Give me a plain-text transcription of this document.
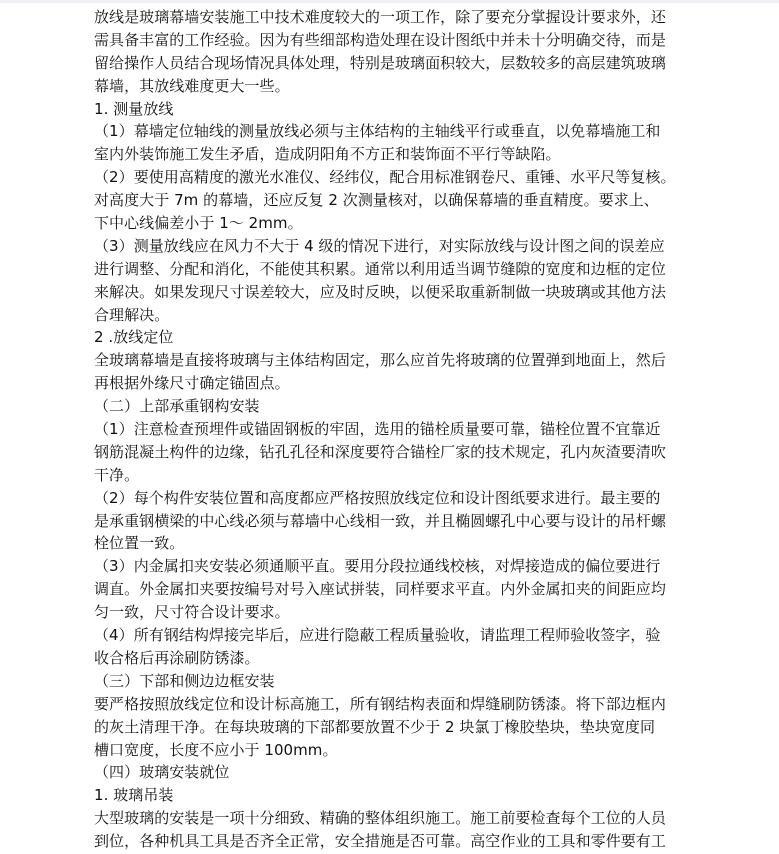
放线是玻璃幕墙安装施工中技术难度较大的一项工作，除了要充分掌握设计要求外，还
需具备丰富的工作经验。因为有些细部构造处理在设计图纸中并未十分明确交待，而是
留给操作人员结合现场情况具体处理，特别是玻璃面积较大，层数较多的高层建筑玻璃
幕墙，其放线难度更大一些。
1. 测量放线
（1）幕墙定位轴线的测量放线必须与主体结构的主轴线平行或垂直，以免幕墙施工和
室内外装饰施工发生矛盾，造成阴阳角不方正和装饰面不平行等缺陷。
（2）要使用高精度的激光水准仪、经纬仪，配合用标准钢卷尺、重锤、水平尺等复核。
对高度大于 7m 的幕墙，还应反复 2 次测量核对，以确保幕墙的垂直精度。要求上、
下中心线偏差小于 1～ 2mm。
（3）测量放线应在风力不大于 4 级的情况下进行，对实际放线与设计图之间的误差应
进行调整、分配和消化，不能使其积累。通常以利用适当调节缝隙的宽度和边框的定位
来解决。如果发现尺寸误差较大，应及时反映，以便采取重新制做一块玻璃或其他方法
合理解决。
2 .放线定位
全玻璃幕墙是直接将玻璃与主体结构固定，那么应首先将玻璃的位置弹到地面上，然后
再根据外缘尺寸确定锚固点。
（二）上部承重钢构安装
（1）注意检查预埋件或锚固钢板的牢固，选用的锚栓质量要可靠，锚栓位置不宜靠近
钢筋混凝土构件的边缘，钻孔孔径和深度要符合锚栓厂家的技术规定，孔内灰渣要清吹
干净。
（2）每个构件安装位置和高度都应严格按照放线定位和设计图纸要求进行。最主要的
是承重钢横梁的中心线必须与幕墙中心线相一致，并且椭圆螺孔中心要与设计的吊杆螺
栓位置一致。
（3）内金属扣夹安装必须通顺平直。要用分段拉通线校核，对焊接造成的偏位要进行
调直。外金属扣夹要按编号对号入座试拼装，同样要求平直。内外金属扣夹的间距应均
匀一致，尺寸符合设计要求。
（4）所有钢结构焊接完毕后，应进行隐蔽工程质量验收，请监理工程师验收签字，验
收合格后再涂刷防锈漆。
（三）下部和侧边边框安装
要严格按照放线定位和设计标高施工，所有钢结构表面和焊缝刷防锈漆。将下部边框内
的灰土清理干净。在每块玻璃的下部都要放置不少于 2 块氯丁橡胶垫块，垫块宽度同
槽口宽度，长度不应小于 100mm。
（四）玻璃安装就位
1. 玻璃吊装
大型玻璃的安装是一项十分细致、精确的整体组织施工。施工前要检查每个工位的人员
到位，各种机具工具是否齐全正常，安全措施是否可靠。高空作业的工具和零件要有工
